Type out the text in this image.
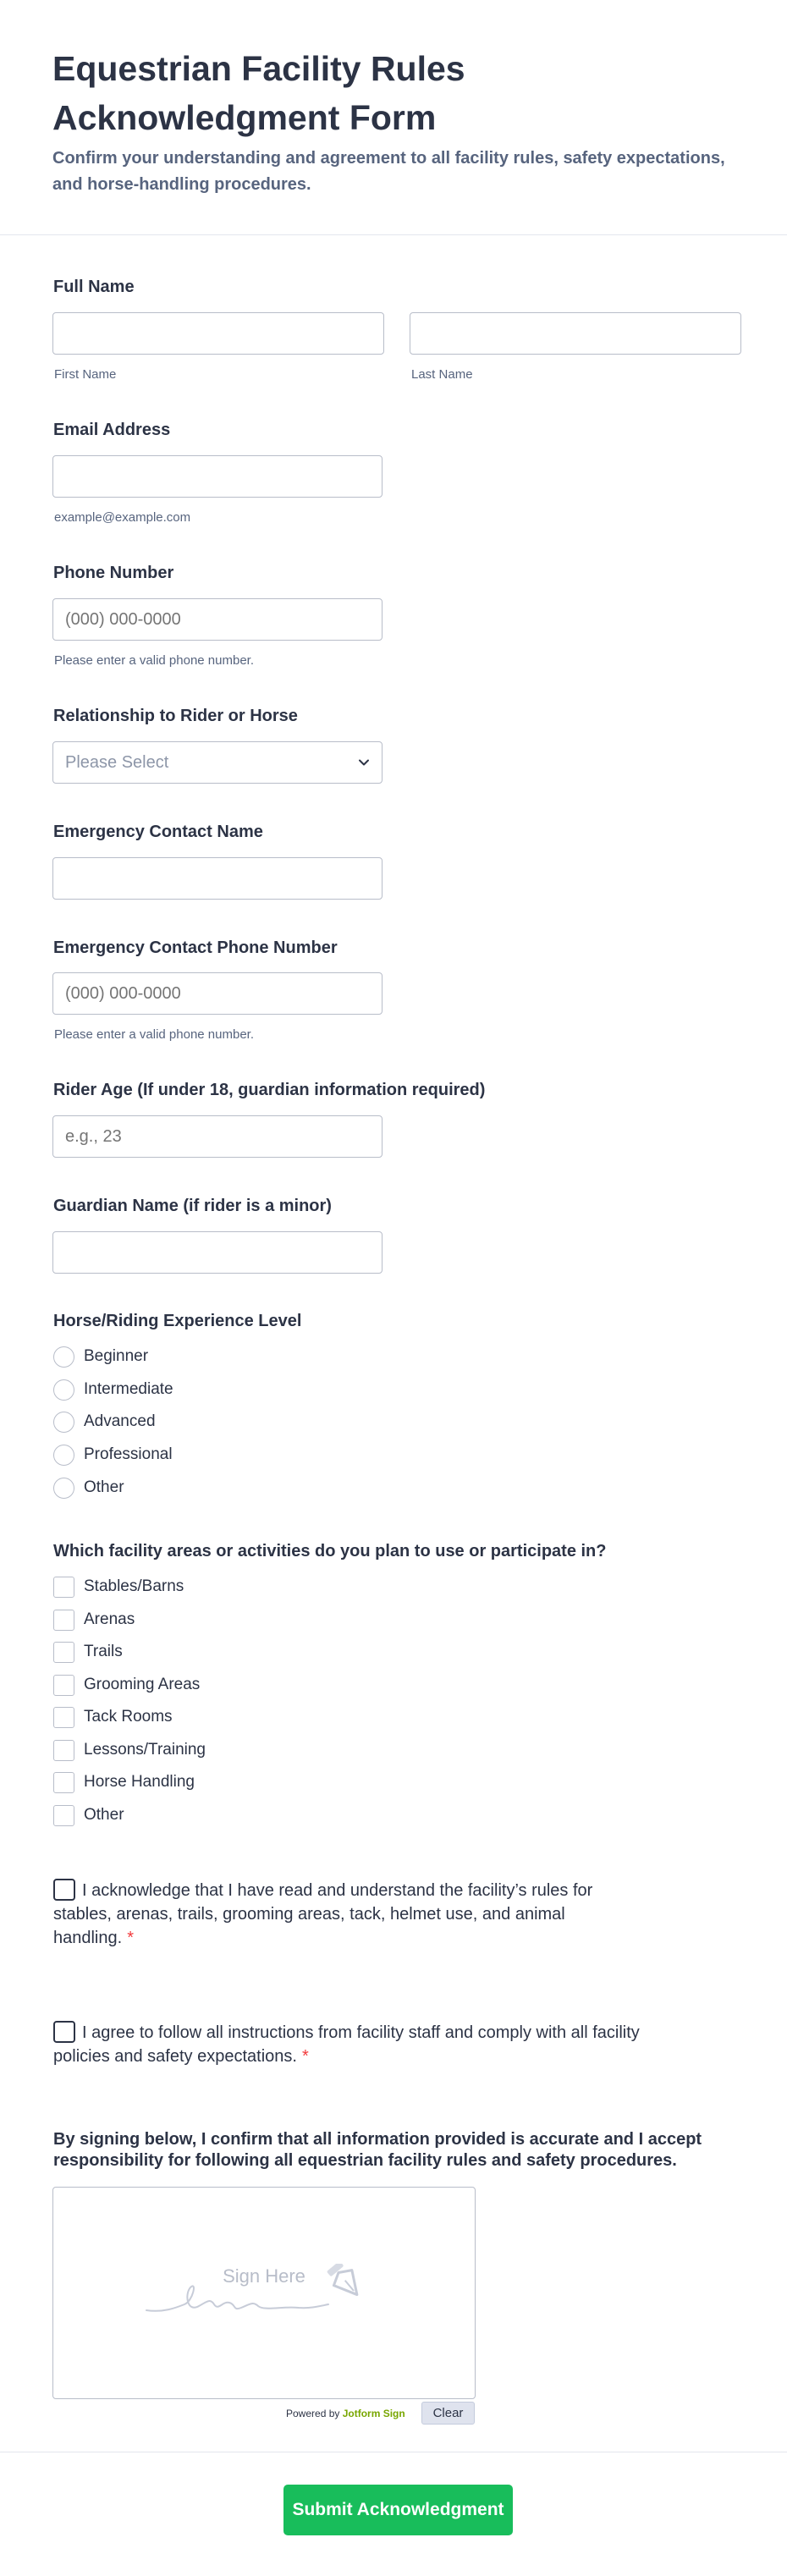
Equestrian Facility Rules Acknowledgment Form

Confirm your understanding and agreement to all facility rules, safety expectations, and horse-handling procedures.

Full Name
First Name	Last Name
Email Address
example@example.com
Phone Number
(000) 000-0000
Please enter a valid phone number.
Relationship to Rider or Horse
Please Select
Emergency Contact Name
Emergency Contact Phone Number
(000) 000-0000
Please enter a valid phone number.
Rider Age (If under 18, guardian information required)
e.g., 23
Guardian Name (if rider is a minor)
Horse/Riding Experience Level
Beginner
Intermediate
Advanced
Professional
Other
Which facility areas or activities do you plan to use or participate in?
Stables/Barns
Arenas
Trails
Grooming Areas
Tack Rooms
Lessons/Training
Horse Handling
Other
I acknowledge that I have read and understand the facility’s rules for stables, arenas, trails, grooming areas, tack, helmet use, and animal handling. *
I agree to follow all instructions from facility staff and comply with all facility policies and safety expectations. *
By signing below, I confirm that all information provided is accurate and I accept responsibility for following all equestrian facility rules and safety procedures.
Sign Here
Powered by Jotform Sign	Clear
Submit Acknowledgment
